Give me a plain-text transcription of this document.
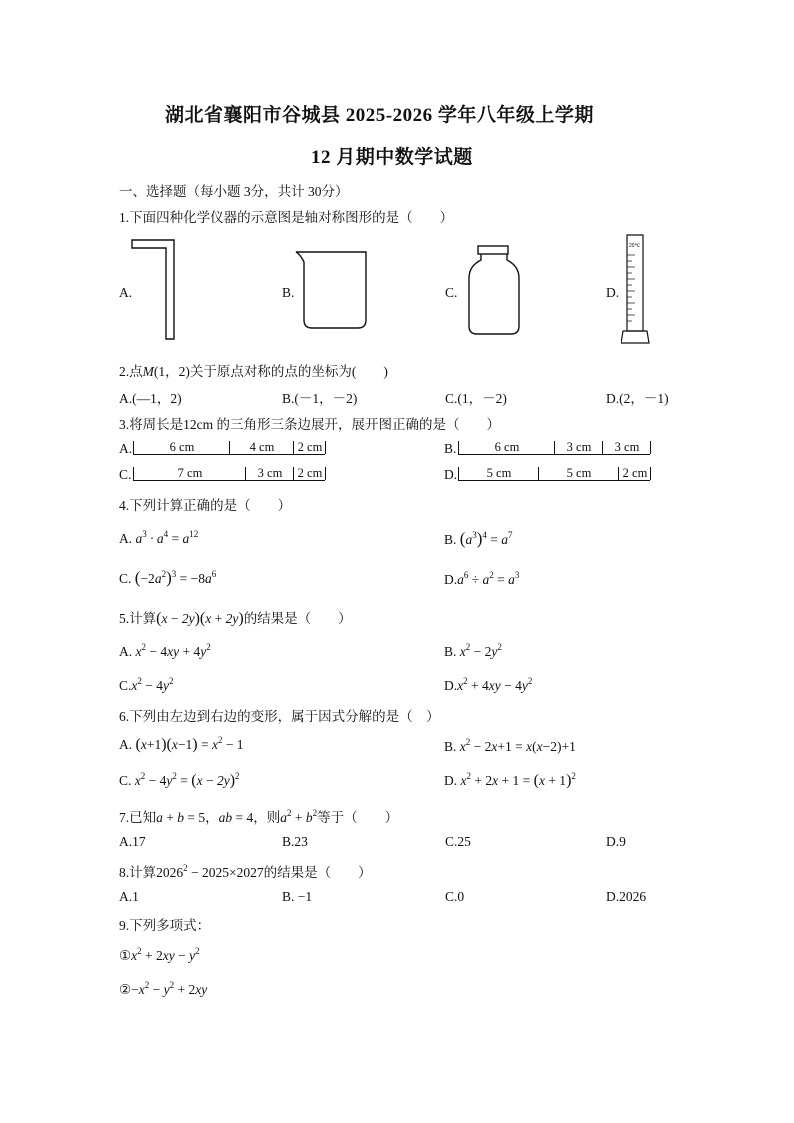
湖北省襄阳市谷城县 2025-2026 学年八年级上学期
12 月期中数学试题
一、选择题（每小题 3分，共计 30分）
1.下面四种化学仪器的示意图是轴对称图形的是（　　）
A.	B.	C.	D.
20℃
2.点M(1，2)关于原点对称的点的坐标为(　　)
A.(—1，2)	B.(－1，－2)	C.(1，－2)	D.(2，－1)
3.将周长是12cm 的三角形三条边展开，展开图正确的是（　　）
A.	6 cm	4 cm	2 cm	B.	6 cm	3 cm	3 cm
C.	7 cm	3 cm	2 cm	D.	5 cm	5 cm	2 cm
4.下列计算正确的是（　　）
A. $a^3 \cdot a^4 = a^{12}$	B. $(a^3)^4 = a^7$
C. $(-2a^2)^3 = -8a^6$	$D.a^6 \div a^2 = a^3$
5.计算(x − 2y)(x + 2y)的结果是（　　）
A. $x^2 - 4xy + 4y^2$	B. $x^2 - 2y^2$
$C.x^2 - 4y^2$	$D.x^2 + 4xy - 4y^2$
6.下列由左边到右边的变形，属于因式分解的是（　）
A. $(x+1)(x-1) = x^2 - 1$	B. $x^2 - 2x+1 = x(x-2)+1$
C. $x^2 - 4y^2 = (x - 2y)^2$	D. $x^2 + 2x + 1 = (x + 1)^2$
7.已知a + b = 5，ab = 4，则$a^2 + b^2$等于（　　）
A.17	B.23	C.25	D.9
8.计算$2026^2 - 2025\times 2027$的结果是（　　）
A.1	B. −1	C.0	D.2026
9.下列多项式：
$①x^2 + 2xy - y^2$
$②-x^2 - y^2 + 2xy$
